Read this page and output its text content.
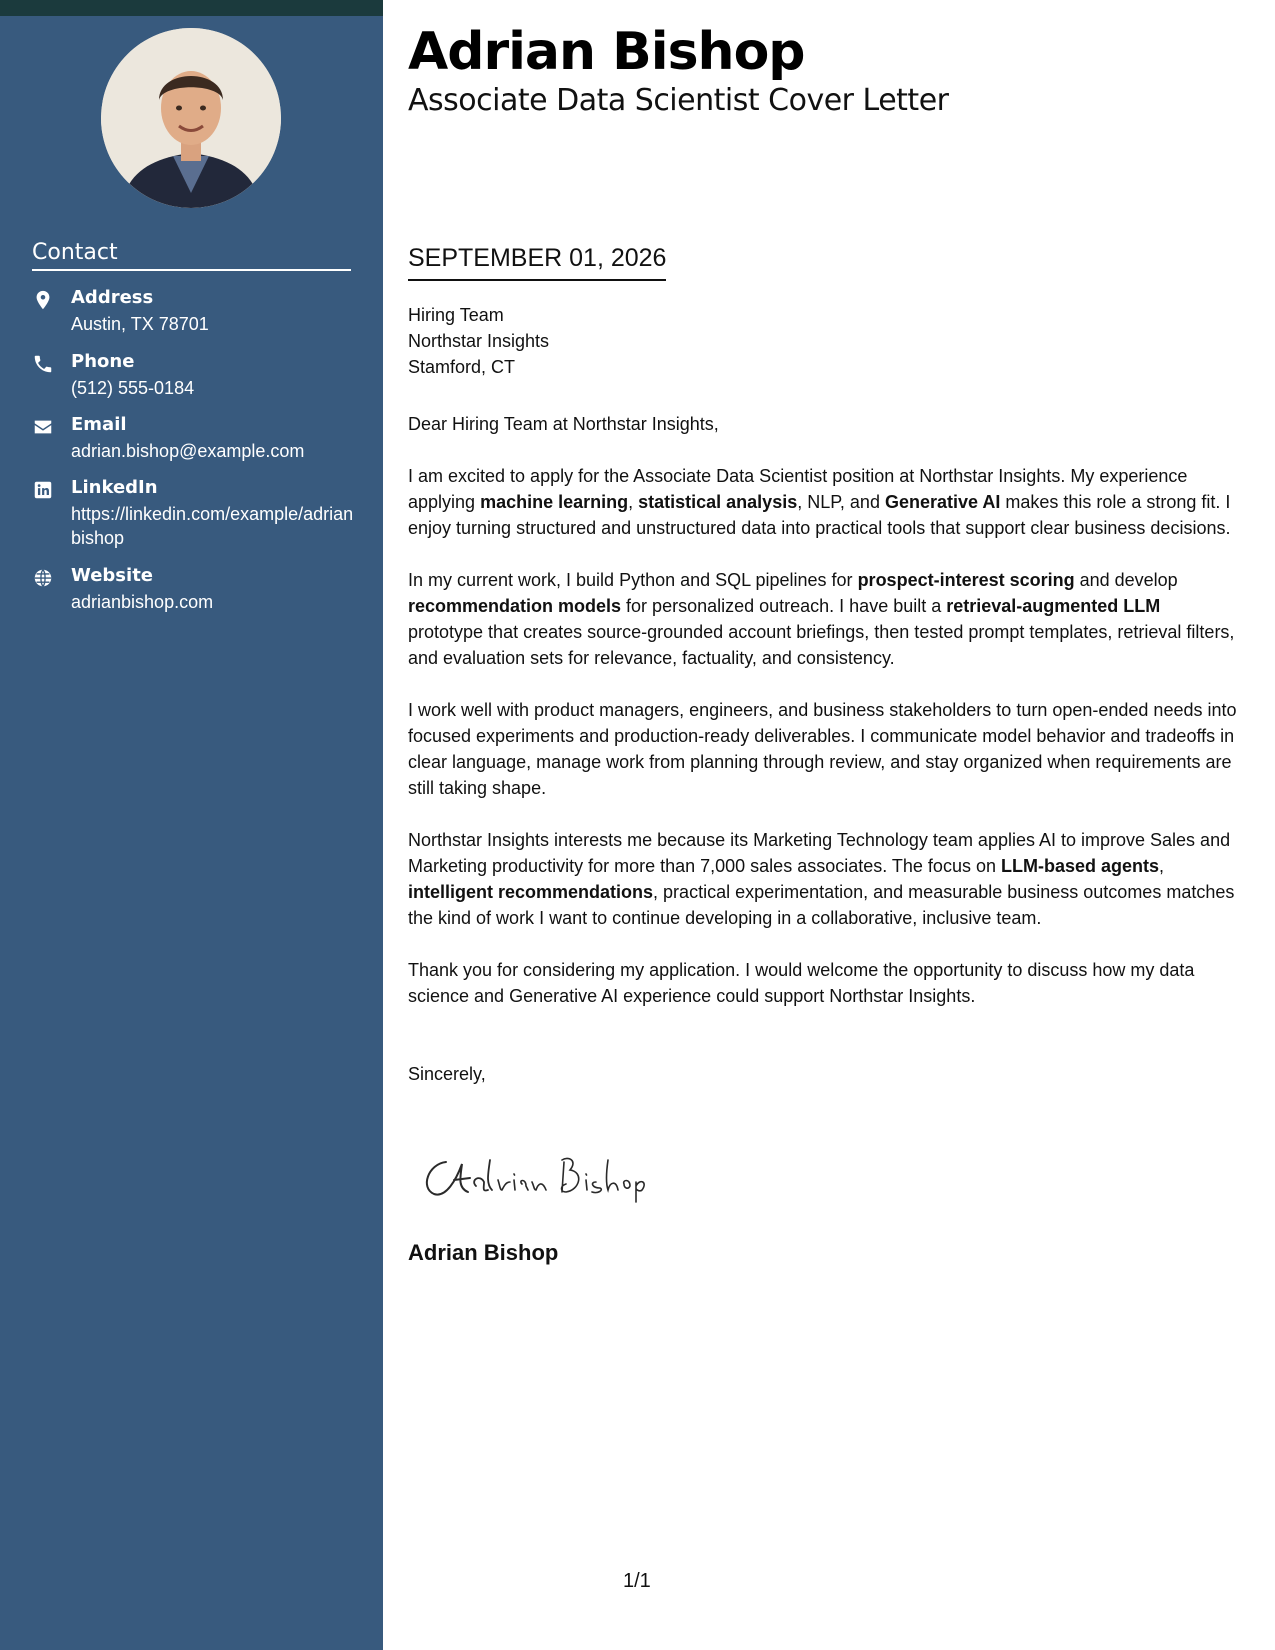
Contact
Address
Austin, TX 78701
Phone
(512) 555-0184
Email
adrian.bishop@example.com
LinkedIn
https://linkedin.com/example/adrianbishop
Website
adrianbishop.com
Adrian Bishop
Associate Data Scientist Cover Letter
SEPTEMBER 01, 2026
Hiring Team
Northstar Insights
Stamford, CT

Dear Hiring Team at Northstar Insights,

I am excited to apply for the Associate Data Scientist position at Northstar Insights. My experience applying machine learning, statistical analysis, NLP, and Generative AI makes this role a strong fit. I enjoy turning structured and unstructured data into practical tools that support clear business decisions.

In my current work, I build Python and SQL pipelines for prospect-interest scoring and develop recommendation models for personalized outreach. I have built a retrieval-augmented LLM prototype that creates source-grounded account briefings, then tested prompt templates, retrieval filters, and evaluation sets for relevance, factuality, and consistency.

I work well with product managers, engineers, and business stakeholders to turn open-ended needs into focused experiments and production-ready deliverables. I communicate model behavior and tradeoffs in clear language, manage work from planning through review, and stay organized when requirements are still taking shape.

Northstar Insights interests me because its Marketing Technology team applies AI to improve Sales and Marketing productivity for more than 7,000 sales associates. The focus on LLM-based agents, intelligent recommendations, practical experimentation, and measurable business outcomes matches the kind of work I want to continue developing in a collaborative, inclusive team.

Thank you for considering my application. I would welcome the opportunity to discuss how my data science and Generative AI experience could support Northstar Insights.

Sincerely,

Adrian Bishop
1/1
